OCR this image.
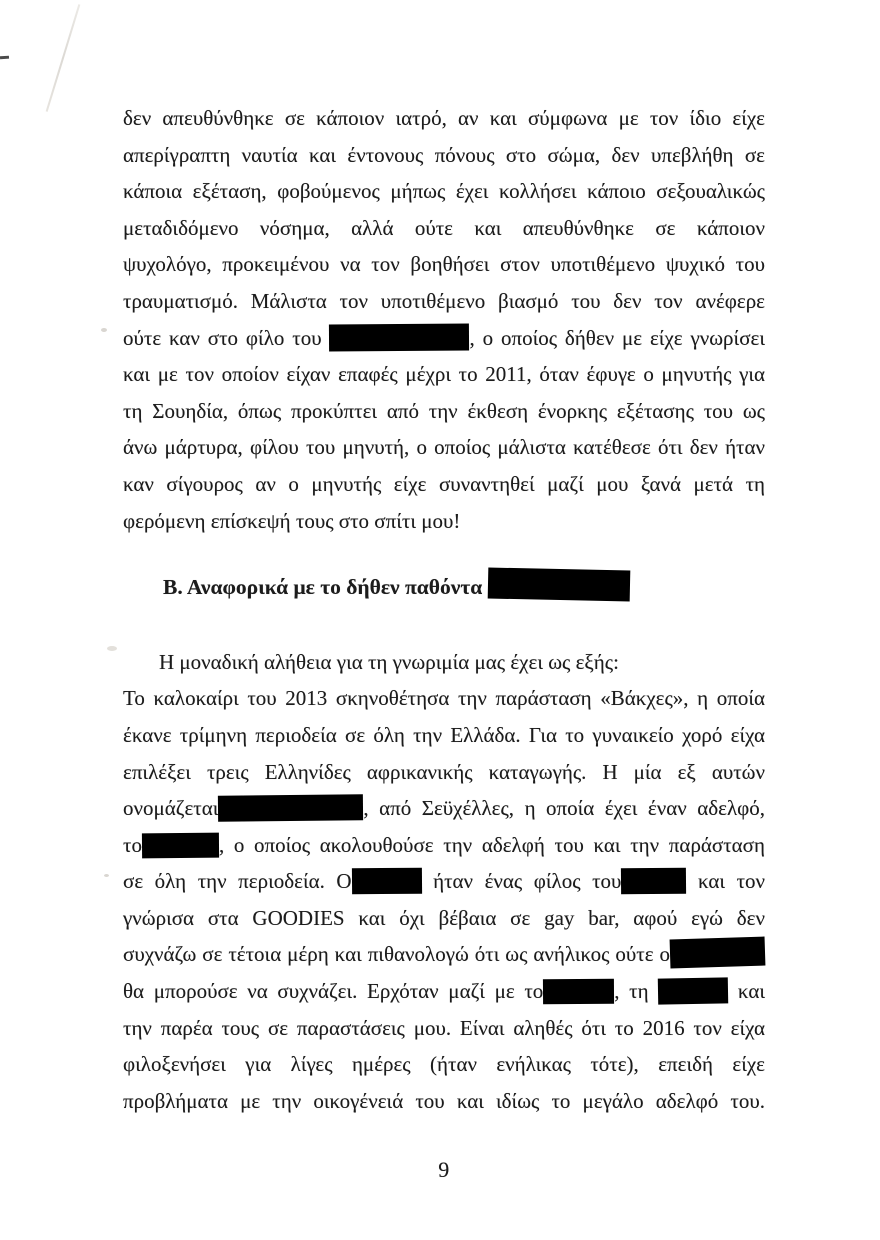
δεν απευθύνθηκε σε κάποιον ιατρό, αν και σύμφωνα με τον ίδιο είχε
απερίγραπτη ναυτία και έντονους πόνους στο σώμα, δεν υπεβλήθη σε
κάποια εξέταση, φοβούμενος μήπως έχει κολλήσει κάποιο σεξουαλικώς
μεταδιδόμενο νόσημα, αλλά ούτε και απευθύνθηκε σε κάποιον
ψυχολόγο, προκειμένου να τον βοηθήσει στον υποτιθέμενο ψυχικό του
τραυματισμό. Μάλιστα τον υποτιθέμενο βιασμό του δεν τον ανέφερε
ούτε καν στο φίλο του	, ο οποίος δήθεν με είχε γνωρίσει
και με τον οποίον είχαν επαφές μέχρι το 2011, όταν έφυγε ο μηνυτής για
τη Σουηδία, όπως προκύπτει από την έκθεση ένορκης εξέτασης του ως
άνω μάρτυρα, φίλου του μηνυτή, ο οποίος μάλιστα κατέθεσε ότι δεν ήταν
καν σίγουρος αν ο μηνυτής είχε συναντηθεί μαζί μου ξανά μετά τη
φερόμενη επίσκεψή τους στο σπίτι μου!
Β. Αναφορικά με το δήθεν παθόντα
Η μοναδική αλήθεια για τη γνωριμία μας έχει ως εξής:
Το καλοκαίρι του 2013 σκηνοθέτησα την παράσταση «Βάκχες», η οποία
έκανε τρίμηνη περιοδεία σε όλη την Ελλάδα. Για το γυναικείο χορό είχα
επιλέξει τρεις Ελληνίδες αφρικανικής καταγωγής. Η μία εξ αυτών
ονομάζεται	, από Σεϋχέλλες, η οποία έχει έναν αδελφό,
το	, ο οποίος ακολουθούσε την αδελφή του και την παράσταση
σε όλη την περιοδεία. Ο	ήταν ένας φίλος του	και τον
γνώρισα στα GOODIES και όχι βέβαια σε gay bar, αφού εγώ δεν
συχνάζω σε τέτοια μέρη και πιθανολογώ ότι ως ανήλικος ούτε ο
θα μπορούσε να συχνάζει. Ερχόταν μαζί με το	, τη	και
την παρέα τους σε παραστάσεις μου. Είναι αληθές ότι το 2016 τον είχα
φιλοξενήσει για λίγες ημέρες (ήταν ενήλικας τότε), επειδή είχε
προβλήματα με την οικογένειά του και ιδίως το μεγάλο αδελφό του.
9
